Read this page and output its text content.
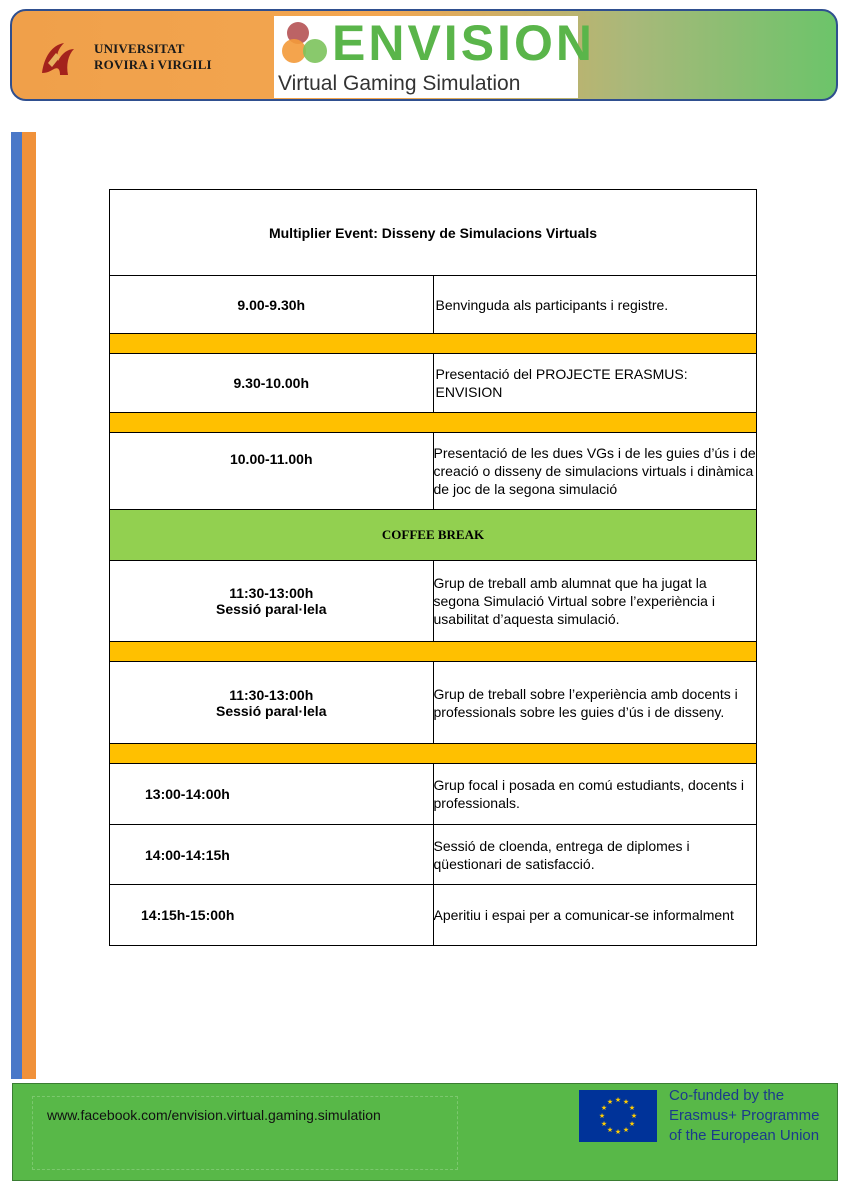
UNIVERSITAT
ROVIRA i VIRGILI ENVISION
Virtual Gaming Simulation
Multiplier Event: Disseny de Simulacions Virtuals	
9.00-9.30h	Benvinguda als participants i registre.

9.30-10.00h	Presentació del PROJECTE ERASMUS: ENVISION

10.00-11.00h	Presentació de les dues VGs i de les guies d’ús i de creació o disseny de simulacions virtuals i dinàmica de joc de la segona simulació
COFFEE BREAK	

11:30-13:00h
Sessió paral·lela	Grup de treball amb alumnat que ha jugat la segona Simulació Virtual sobre l’experiència i usabilitat d’aquesta simulació.

11:30-13:00h
Sessió paral·lela	Grup de treball sobre l’experiència amb docents i professionals sobre les guies d’ús i de disseny.

13:00-14:00h	Grup focal i posada en comú estudiants, docents i professionals.
14:00-14:15h	Sessió de cloenda, entrega de diplomes i qüestionari de satisfacció.
14:15h-15:00h	Aperitiu i espai per a comunicar-se informalment
www.facebook.com/envision.virtual.gaming.simulation
★ ★
★
★
★
★
★
★
★
★
★
★	Co-funded by the
Erasmus+ Programme
of the European Union
